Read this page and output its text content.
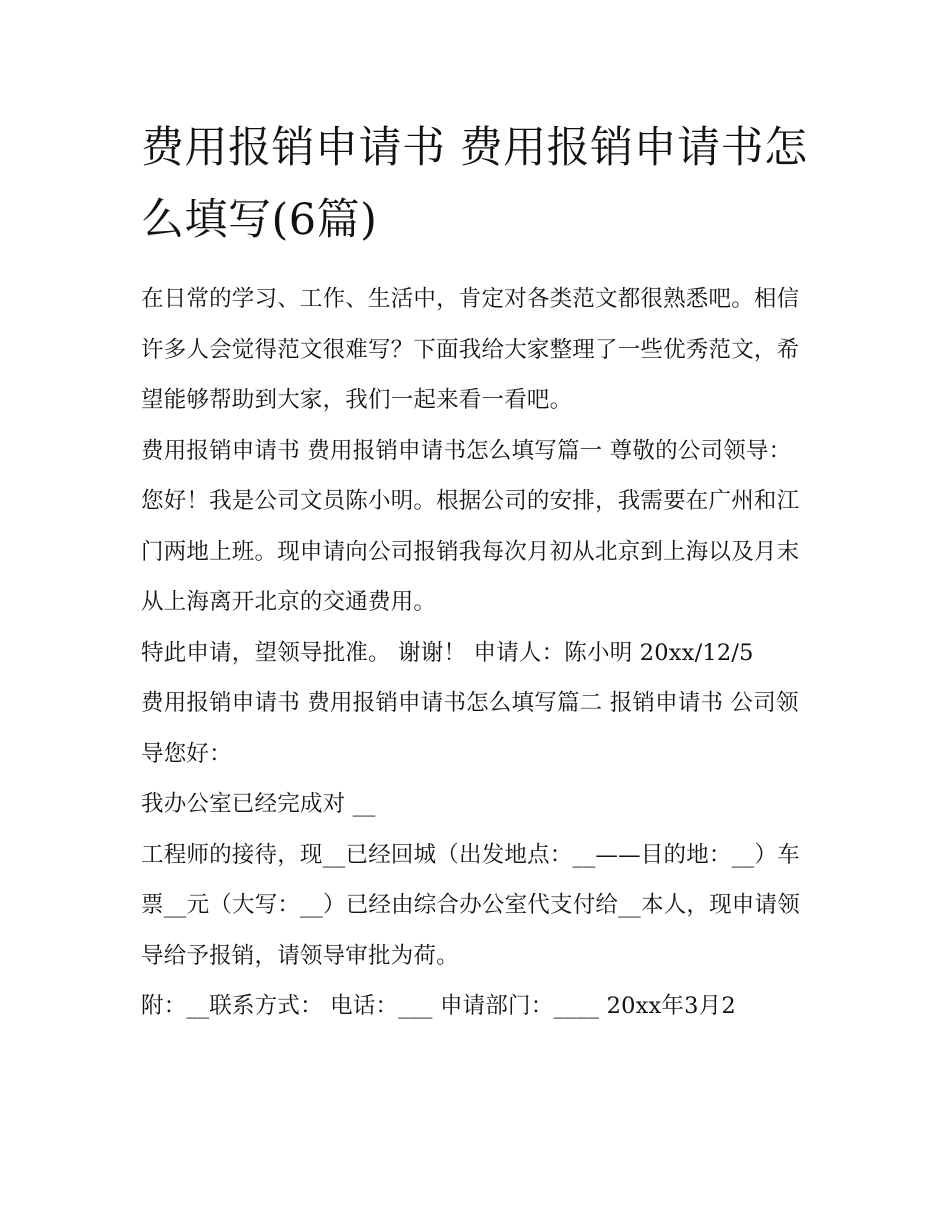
费用报销申请书 费用报销申请书怎么填写(6篇)

在日常的学习、工作、生活中，肯定对各类范文都很熟悉吧。相信许多人会觉得范文很难写？下面我给大家整理了一些优秀范文，希望能够帮助到大家，我们一起来看一看吧。

费用报销申请书 费用报销申请书怎么填写篇一 尊敬的公司领导：

您好！我是公司文员陈小明。根据公司的安排，我需要在广州和江门两地上班。现申请向公司报销我每次月初从北京到上海以及月末从上海离开北京的交通费用。

特此申请，望领导批准。 谢谢！ 申请人：陈小明 20xx/12/5

费用报销申请书 费用报销申请书怎么填写篇二 报销申请书 公司领导您好：

我办公室已经完成对 __

工程师的接待，现__已经回城（出发地点：__——目的地：__）车票__元（大写：__）已经由综合办公室代支付给__本人，现申请领导给予报销，请领导审批为荷。

附：__联系方式： 电话：___ 申请部门：____ 20xx年3月2
